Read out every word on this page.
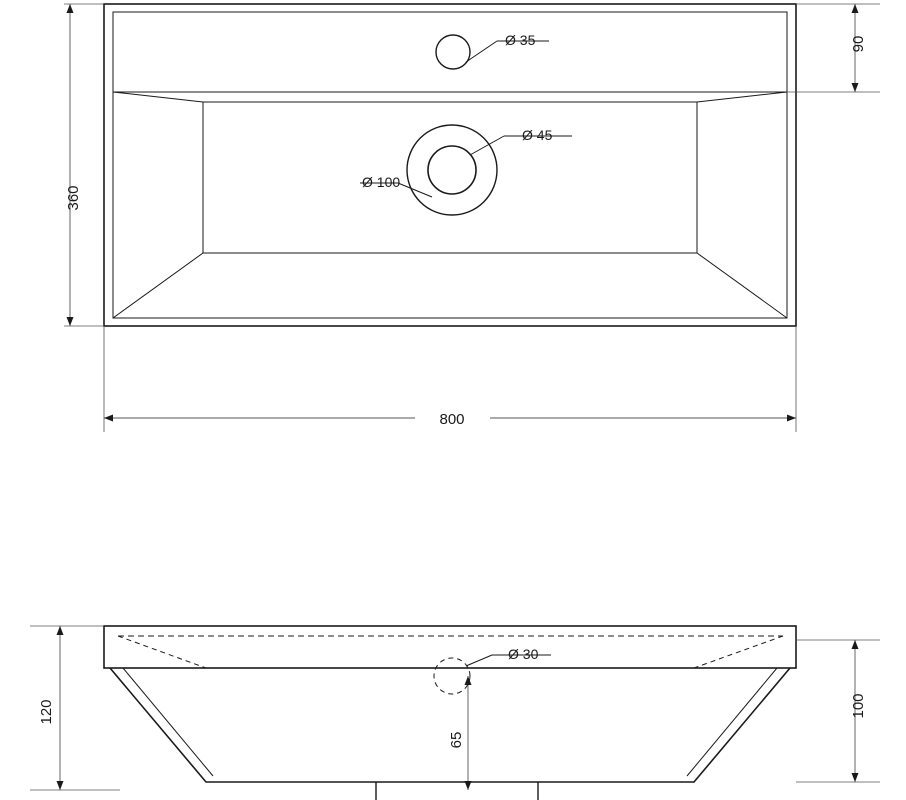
Ø 35
Ø 45
Ø 100
Ø 30
360
90
800
120	100
65
